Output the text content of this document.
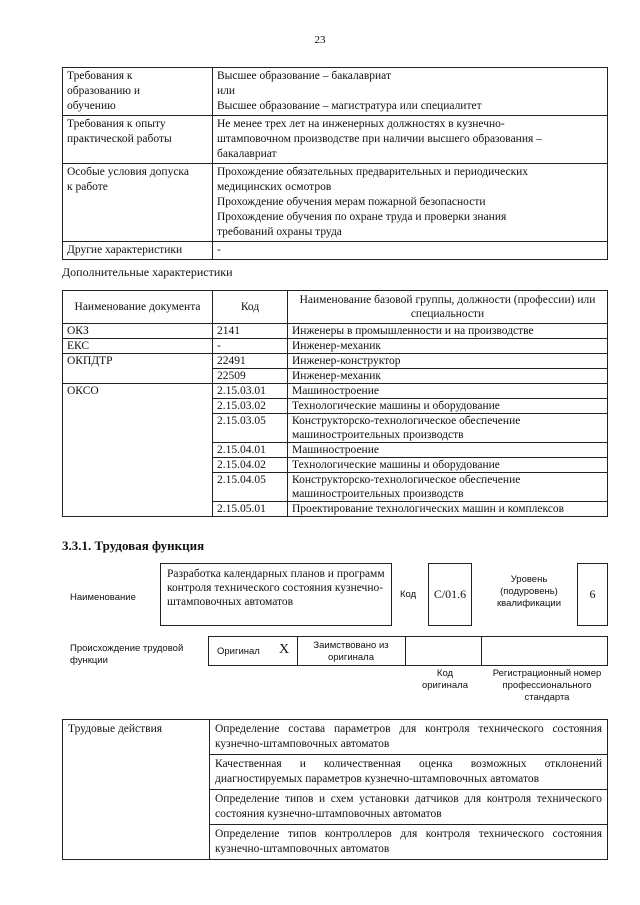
23
Требования к
образованию и
обучению	Высшее образование – бакалавриат
или
Высшее образование – магистратура или специалитет

Требования к опыту
практической работы	Не менее трех лет на инженерных должностях в кузнечно-
штамповочном производстве при наличии высшего образования –
бакалавриат

Особые условия допуска
к работе	Прохождение обязательных предварительных и периодических
медицинских осмотров
Прохождение обучения мерам пожарной безопасности
Прохождение обучения по охране труда и проверки знания
требований охраны труда

Другие характеристики	-
Дополнительные характеристики
Наименование документа	Код	Наименование базовой группы, должности (профессии) или специальности
ОКЗ	2141	Инженеры в промышленности и на производстве
ЕКС	-	Инженер-механик
ОКПДТР	22491	Инженер-конструктор
	22509	Инженер-механик
ОКСО	2.15.03.01	Машиностроение
	2.15.03.02	Технологические машины и оборудование
	2.15.03.05	Конструкторско-технологическое обеспечение машиностроительных производств
	2.15.04.01	Машиностроение
	2.15.04.02	Технологические машины и оборудование
	2.15.04.05	Конструкторско-технологическое обеспечение машиностроительных производств
	2.15.05.01	Проектирование технологических машин и комплексов
3.3.1. Трудовая функция
Наименование
Разработка календарных планов и программ контроля технического состояния кузнечно-штамповочных автоматов
Код	С/01.6
Уровень (подуровень) квалификации
6
Происхождение трудовой функции
Оригинал X	Заимствовано из оригинала
Код оригинала
Регистрационный номер профессионального стандарта
Трудовые действия	Определение состава параметров для контроля технического состояния кузнечно-штамповочных автоматов
Качественная и количественная оценка возможных отклонений диагностируемых параметров кузнечно-штамповочных автоматов
Определение типов и схем установки датчиков для контроля технического состояния кузнечно-штамповочных автоматов
Определение типов контроллеров для контроля технического состояния кузнечно-штамповочных автоматов
